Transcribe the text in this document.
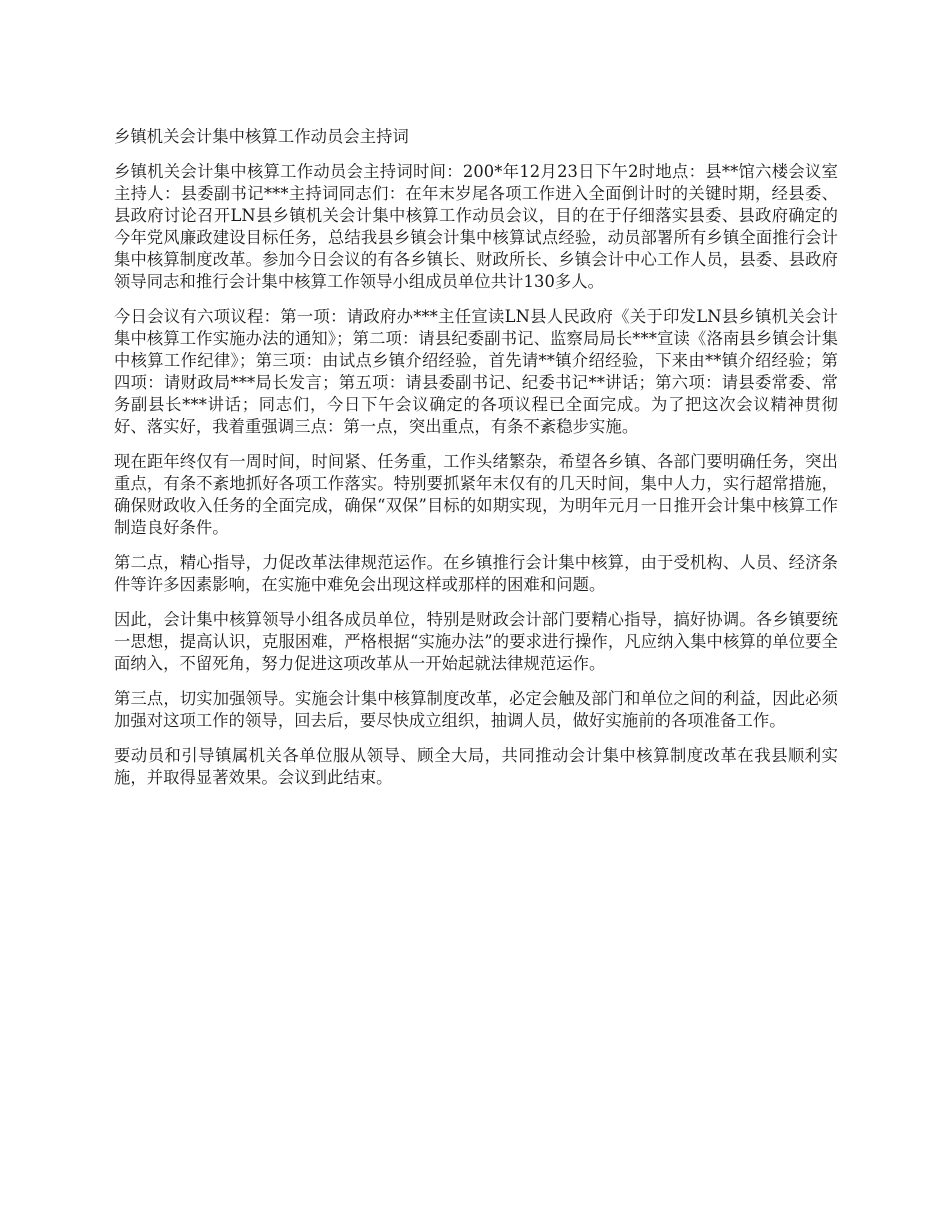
乡镇机关会计集中核算工作动员会主持词

乡镇机关会计集中核算工作动员会主持词时间：200*年12月23日下午2时地点：县**馆六楼会议室主持人：县委副书记***主持词同志们：在年末岁尾各项工作进入全面倒计时的关键时期，经县委、县政府讨论召开LN县乡镇机关会计集中核算工作动员会议，目的在于仔细落实县委、县政府确定的今年党风廉政建设目标任务，总结我县乡镇会计集中核算试点经验，动员部署所有乡镇全面推行会计集中核算制度改革。参加今日会议的有各乡镇长、财政所长、乡镇会计中心工作人员，县委、县政府领导同志和推行会计集中核算工作领导小组成员单位共计130多人。

今日会议有六项议程：第一项：请政府办***主任宣读LN县人民政府《关于印发LN县乡镇机关会计集中核算工作实施办法的通知》；第二项：请县纪委副书记、监察局局长***宣读《洛南县乡镇会计集中核算工作纪律》；第三项：由试点乡镇介绍经验，首先请**镇介绍经验，下来由**镇介绍经验；第四项：请财政局***局长发言；第五项：请县委副书记、纪委书记**讲话；第六项：请县委常委、常务副县长***讲话；同志们，今日下午会议确定的各项议程已全面完成。为了把这次会议精神贯彻好、落实好，我着重强调三点：第一点，突出重点，有条不紊稳步实施。

现在距年终仅有一周时间，时间紧、任务重，工作头绪繁杂，希望各乡镇、各部门要明确任务，突出重点，有条不紊地抓好各项工作落实。特别要抓紧年末仅有的几天时间，集中人力，实行超常措施，确保财政收入任务的全面完成，确保“双保”目标的如期实现，为明年元月一日推开会计集中核算工作制造良好条件。

第二点，精心指导，力促改革法律规范运作。在乡镇推行会计集中核算，由于受机构、人员、经济条件等许多因素影响，在实施中难免会出现这样或那样的困难和问题。

因此，会计集中核算领导小组各成员单位，特别是财政会计部门要精心指导，搞好协调。各乡镇要统一思想，提高认识，克服困难，严格根据“实施办法”的要求进行操作，凡应纳入集中核算的单位要全面纳入，不留死角，努力促进这项改革从一开始起就法律规范运作。

第三点，切实加强领导。实施会计集中核算制度改革，必定会触及部门和单位之间的利益，因此必须加强对这项工作的领导，回去后，要尽快成立组织，抽调人员，做好实施前的各项准备工作。

要动员和引导镇属机关各单位服从领导、顾全大局，共同推动会计集中核算制度改革在我县顺利实施，并取得显著效果。会议到此结束。
